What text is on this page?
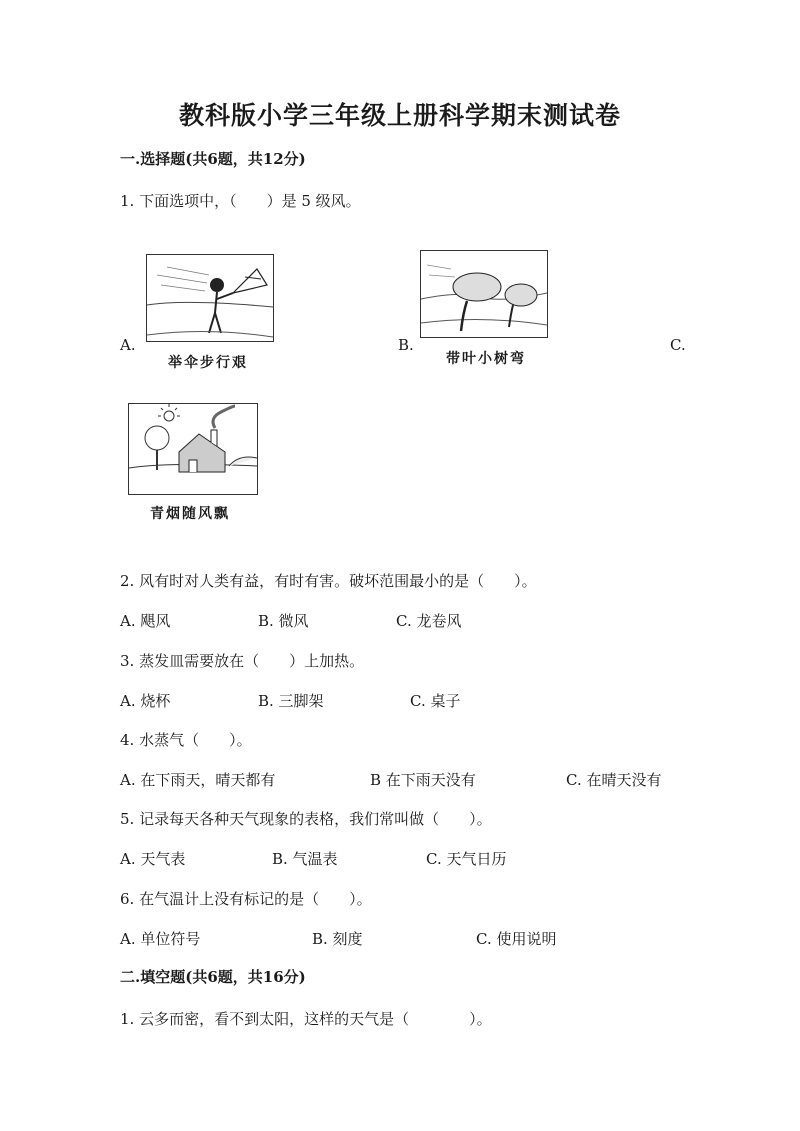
教科版小学三年级上册科学期末测试卷
一.选择题(共6题，共12分)
1. 下面选项中，（　　）是 5 级风。
A.
举伞步行艰
B.
带叶小树弯
C.
青烟随风飘
2. 风有时对人类有益，有时有害。破坏范围最小的是（　　）。
A. 飓风	B. 微风	C. 龙卷风
3. 蒸发皿需要放在（　　）上加热。
A. 烧杯	B. 三脚架	C. 桌子
4. 水蒸气（　　）。
A. 在下雨天，晴天都有	B 在下雨天没有	C. 在晴天没有
5. 记录每天各种天气现象的表格，我们常叫做（　　）。
A. 天气表	B. 气温表	C. 天气日历
6. 在气温计上没有标记的是（　　）。
A. 单位符号	B. 刻度	C. 使用说明
二.填空题(共6题，共16分)
1. 云多而密，看不到太阳，这样的天气是（　　　　）。
